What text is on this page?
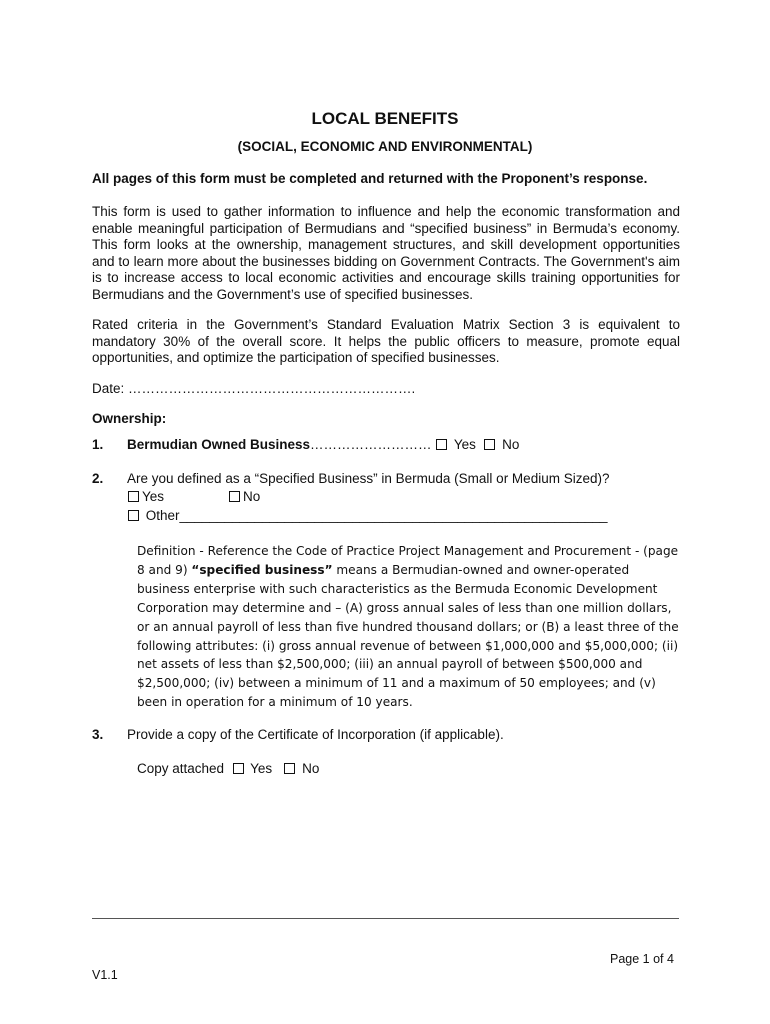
LOCAL BENEFITS
(SOCIAL, ECONOMIC AND ENVIRONMENTAL)
All pages of this form must be completed and returned with the Proponent’s response.
This form is used to gather information to influence and help the economic transformation and enable meaningful participation of Bermudians and “specified business” in Bermuda’s economy. This form looks at the ownership, management structures, and skill development opportunities and to learn more about the businesses bidding on Government Contracts. The Government's aim is to increase access to local economic activities and encourage skills training opportunities for Bermudians and the Government’s use of specified businesses.
Rated criteria in the Government’s Standard Evaluation Matrix Section 3 is equivalent to mandatory 30% of the overall score. It helps the public officers to measure, promote equal opportunities, and optimize the participation of specified businesses.
Date: ……………………………………………………….
Ownership:
1. Bermudian Owned Business……………………… Yes No
2. Are you defined as a “Specified Business” in Bermuda (Small or Medium Sized)?
Yes	No
Other_________________________________________________________
Definition - Reference the Code of Practice Project Management and Procurement - (page 8 and 9) “specified business” means a Bermudian-owned and owner-operated business enterprise with such characteristics as the Bermuda Economic Development Corporation may determine and – (A) gross annual sales of less than one million dollars, or an annual payroll of less than five hundred thousand dollars; or (B) a least three of the following attributes: (i) gross annual revenue of between $1,000,000 and $5,000,000; (ii) net assets of less than $2,500,000; (iii) an annual payroll of between $500,000 and $2,500,000; (iv) between a minimum of 11 and a maximum of 50 employees; and (v) been in operation for a minimum of 10 years.
3. Provide a copy of the Certificate of Incorporation (if applicable).
Copy attached Yes No
Page 1 of 4
V1.1
